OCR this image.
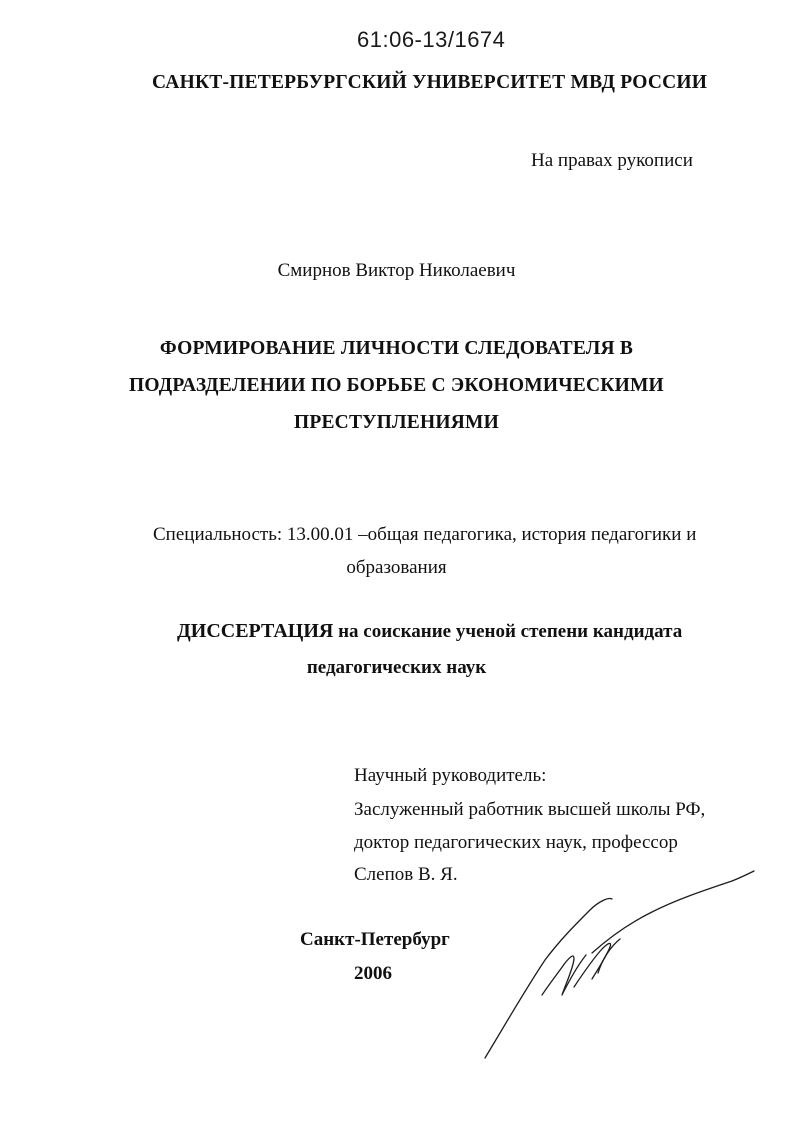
61:06-13/1674
САНКТ-ПЕТЕРБУРГСКИЙ УНИВЕРСИТЕТ МВД РОССИИ
На правах рукописи
Смирнов Виктор Николаевич
ФОРМИРОВАНИЕ ЛИЧНОСТИ СЛЕДОВАТЕЛЯ В
ПОДРАЗДЕЛЕНИИ ПО БОРЬБЕ С ЭКОНОМИЧЕСКИМИ
ПРЕСТУПЛЕНИЯМИ
Специальность: 13.00.01 –общая педагогика, история педагогики и
образования
ДИССЕРТАЦИЯ на соискание ученой степени кандидата
педагогических наук
Научный руководитель:
Заслуженный работник высшей школы РФ,
доктор педагогических наук, профессор
Слепов В. Я.
Санкт-Петербург
2006
